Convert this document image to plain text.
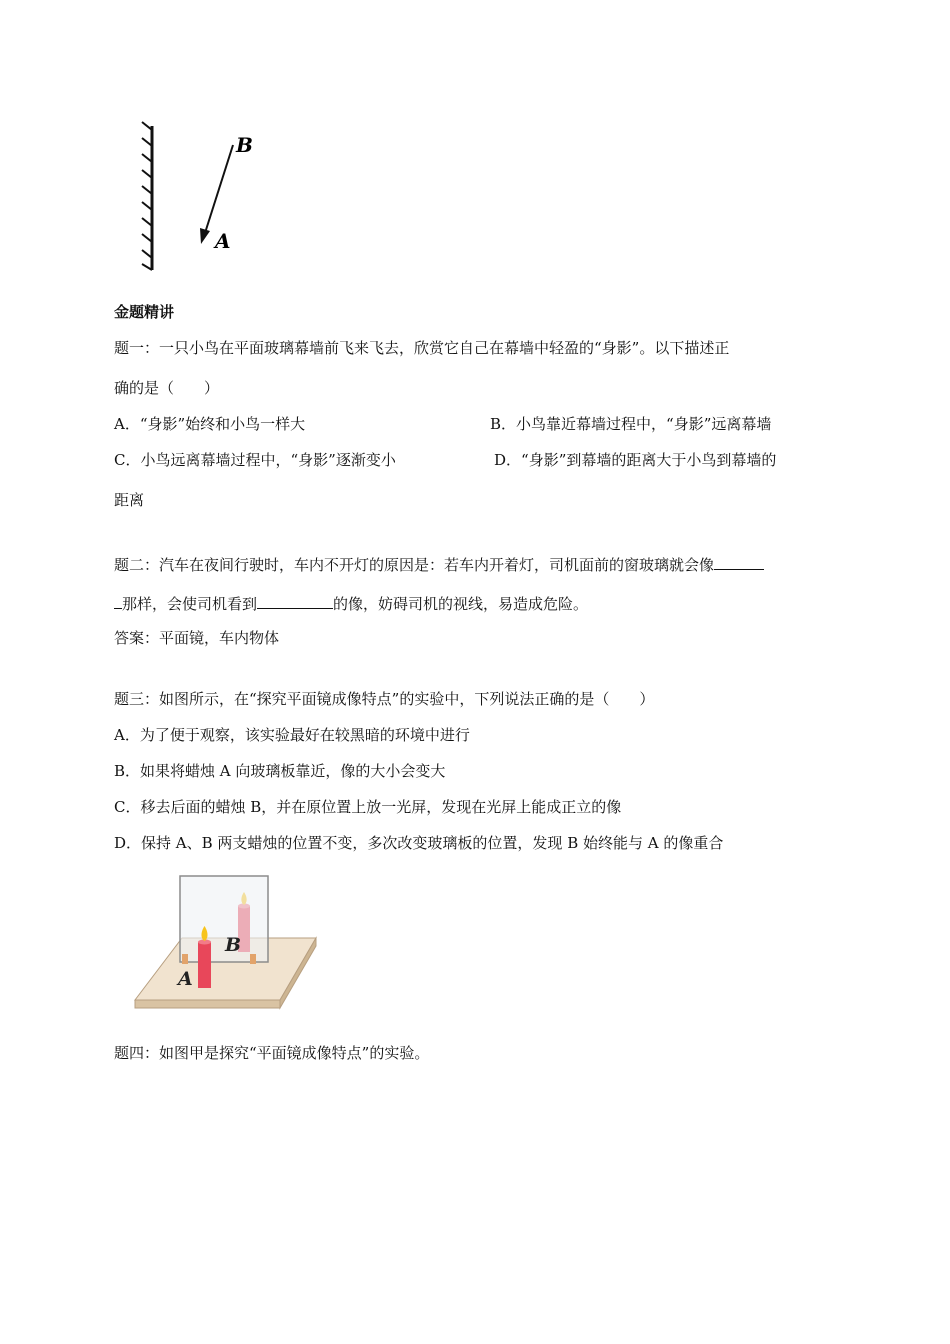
B
A
金题精讲
题一：一只小鸟在平面玻璃幕墙前飞来飞去，欣赏它自己在幕墙中轻盈的“身影”。以下描述正
确的是（　　）
A．“身影”始终和小鸟一样大	B．小鸟靠近幕墙过程中，“身影”远离幕墙
C．小鸟远离幕墙过程中，“身影”逐渐变小	D．“身影”到幕墙的距离大于小鸟到幕墙的
距离
题二：汽车在夜间行驶时，车内不开灯的原因是：若车内开着灯，司机面前的窗玻璃就会像
那样，会使司机看到	的像，妨碍司机的视线，易造成危险。
答案：平面镜，车内物体
题三：如图所示，在“探究平面镜成像特点”的实验中，下列说法正确的是（　　）
A．为了便于观察，该实验最好在较黑暗的环境中进行
B．如果将蜡烛 A 向玻璃板靠近，像的大小会变大
C．移去后面的蜡烛 B，并在原位置上放一光屏，发现在光屏上能成正立的像
D．保持 A、B 两支蜡烛的位置不变，多次改变玻璃板的位置，发现 B 始终能与 A 的像重合
B
A
题四：如图甲是探究“平面镜成像特点”的实验。
